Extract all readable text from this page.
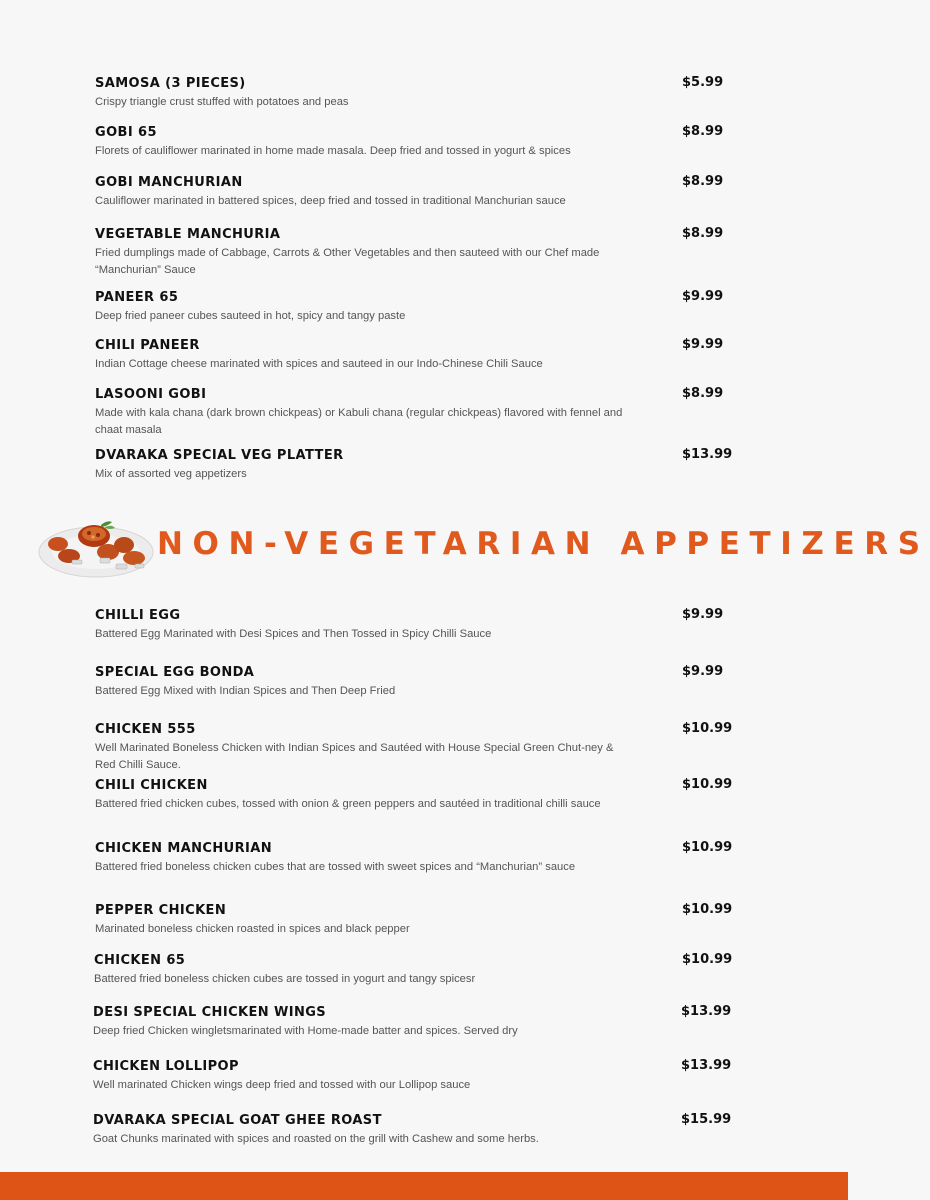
SAMOSA (3 PIECES)
Crispy triangle crust stuffed with potatoes and peas
$5.99
GOBI 65
Florets of cauliflower marinated in home made masala. Deep fried and tossed in yogurt & spices
$8.99
GOBI MANCHURIAN
Cauliflower marinated in battered spices, deep fried and tossed in traditional Manchurian sauce
$8.99
VEGETABLE MANCHURIA
Fried dumplings made of Cabbage, Carrots & Other Vegetables and then sauteed with our Chef made “Manchurian” Sauce
$8.99
PANEER 65
Deep fried paneer cubes sauteed in hot, spicy and tangy paste
$9.99
CHILI PANEER
Indian Cottage cheese marinated with spices and sauteed in our Indo-Chinese Chili Sauce
$9.99
LASOONI GOBI
Made with kala chana (dark brown chickpeas) or Kabuli chana (regular chickpeas) flavored with fennel and chaat masala
$8.99
DVARAKA SPECIAL VEG PLATTER
Mix of assorted veg appetizers
$13.99
NON-VEGETARIAN APPETIZERS
CHILLI EGG
Battered Egg Marinated with Desi Spices and Then Tossed in Spicy Chilli Sauce
$9.99
SPECIAL EGG BONDA
Battered Egg Mixed with Indian Spices and Then Deep Fried
$9.99
CHICKEN 555
Well Marinated Boneless Chicken with Indian Spices and Sautéed with House Special Green Chut-ney & Red Chilli Sauce.
$10.99
CHILI CHICKEN
Battered fried chicken cubes, tossed with onion & green peppers and sautéed in traditional chilli sauce
$10.99
CHICKEN MANCHURIAN
Battered fried boneless chicken cubes that are tossed with sweet spices and “Manchurian” sauce
$10.99
PEPPER CHICKEN
Marinated boneless chicken roasted in spices and black pepper
$10.99
CHICKEN 65
Battered fried boneless chicken cubes are tossed in yogurt and tangy spicesr
$10.99
DESI SPECIAL CHICKEN WINGS
Deep fried Chicken wingletsmarinated with Home-made batter and spices. Served dry
$13.99
CHICKEN LOLLIPOP
Well marinated Chicken wings deep fried and tossed with our Lollipop sauce
$13.99
DVARAKA SPECIAL GOAT GHEE ROAST
Goat Chunks marinated with spices and roasted on the grill with Cashew and some herbs.
$15.99
